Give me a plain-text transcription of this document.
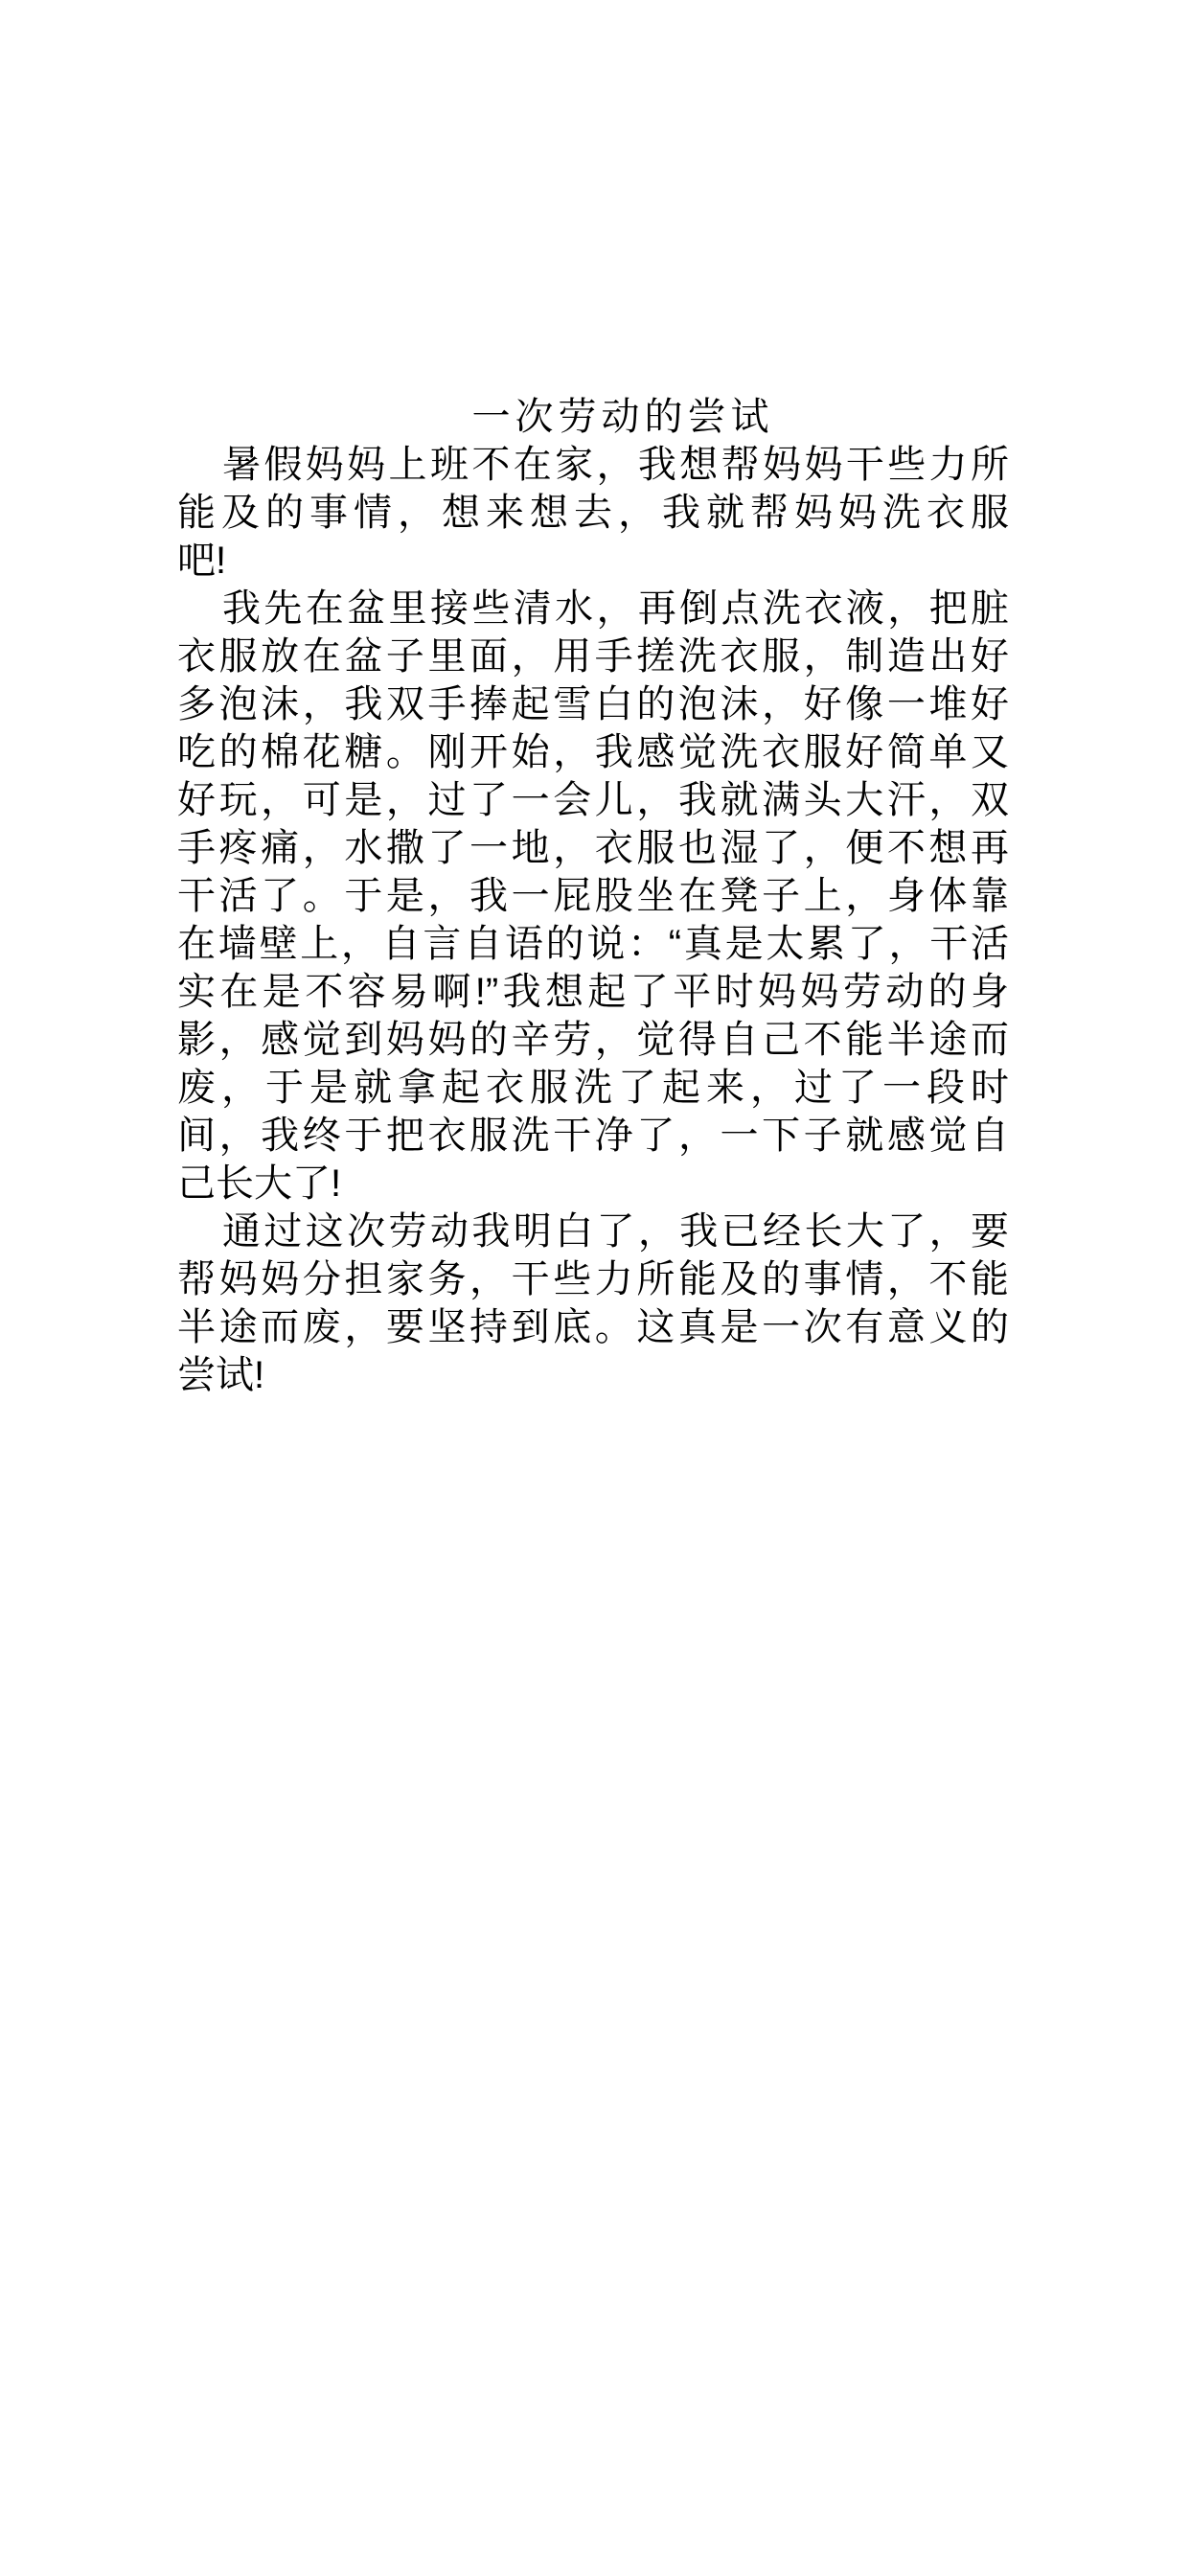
一次劳动的尝试
暑假妈妈上班不在家，我想帮妈妈干些力所
能及的事情，想来想去，我就帮妈妈洗衣服
吧!
我先在盆里接些清水，再倒点洗衣液，把脏
衣服放在盆子里面，用手搓洗衣服，制造出好
多泡沫，我双手捧起雪白的泡沫，好像一堆好
吃的棉花糖。刚开始，我感觉洗衣服好简单又
好玩，可是，过了一会儿，我就满头大汗，双
手疼痛，水撒了一地，衣服也湿了，便不想再
干活了。于是，我一屁股坐在凳子上，身体靠
在墙壁上，自言自语的说：“真是太累了，干活
实在是不容易啊!”我想起了平时妈妈劳动的身
影，感觉到妈妈的辛劳，觉得自己不能半途而
废，于是就拿起衣服洗了起来，过了一段时
间，我终于把衣服洗干净了，一下子就感觉自
己长大了!
通过这次劳动我明白了，我已经长大了，要
帮妈妈分担家务，干些力所能及的事情，不能
半途而废，要坚持到底。这真是一次有意义的
尝试!
